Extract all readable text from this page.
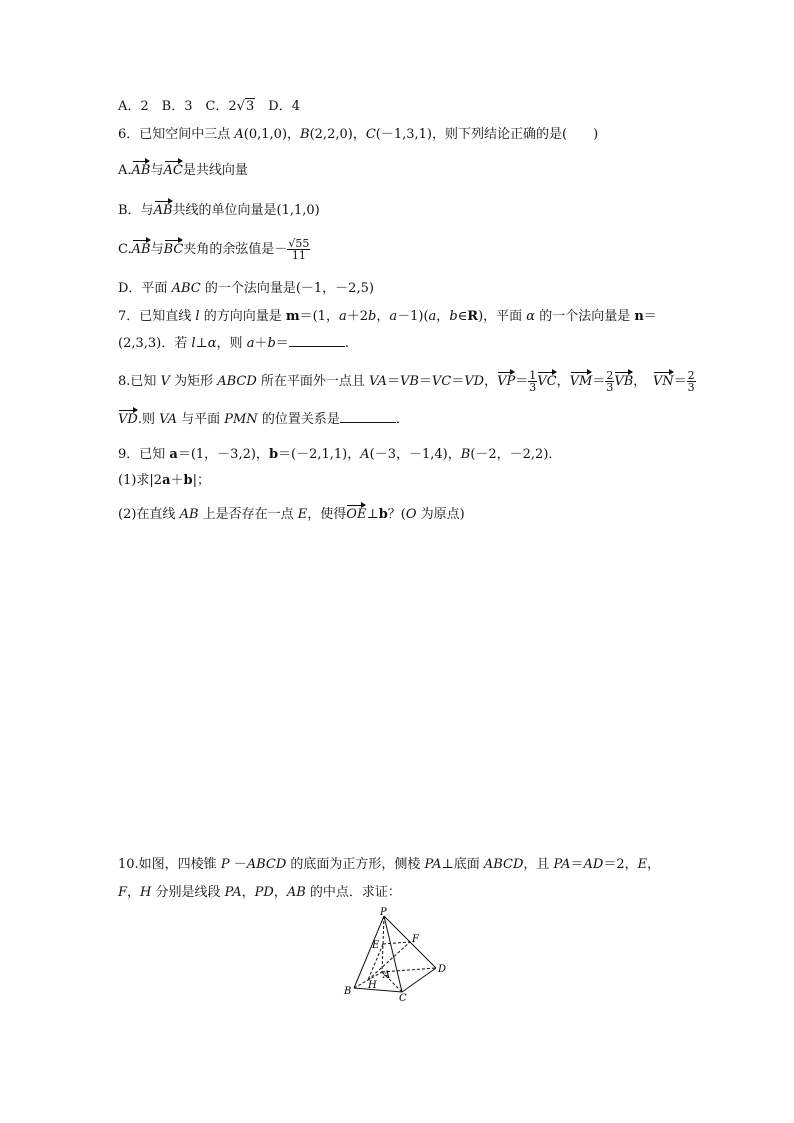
A．2　B．3　C．2√3　D．4
6．已知空间中三点 A(0,1,0)，B(2,2,0)，C(－1,3,1)，则下列结论正确的是(　　)
A.AB与AC是共线向量
B．与AB共线的单位向量是(1,1,0)
C.AB与BC夹角的余弦值是－ $\frac{√55}{11}$
D．平面 ABC 的一个法向量是(－1，－2,5)
7．已知直线 l 的方向向量是 m＝(1，a＋2b，a－1)(a，b∈R)，平面 α 的一个法向量是 n＝
(2,3,3)．若 l⊥α，则 a＋b＝	.
8.已知 V 为矩形 ABCD 所在平面外一点且 VA＝VB＝VC＝VD，$VP= \frac{1}{3}$ VC，$VM= \frac{2}{3}$ VB，　$VN= \frac{2}{3}$
VD.则 VA 与平面 PMN 的位置关系是	．
9．已知 a＝(1，－3,2)，b＝(－2,1,1)，A(－3，－1,4)，B(－2，－2,2)．
(1)求|2a＋b|；
(2)在直线 AB 上是否存在一点 E，使得OE⊥b？(O 为原点)
10.如图，四棱锥 P －ABCD 的底面为正方形，侧棱 PA⊥底面 ABCD，且 PA＝AD＝2，E，
F，H 分别是线段 PA，PD，AB 的中点．求证：
P
E
F
A
D
B
H
C
